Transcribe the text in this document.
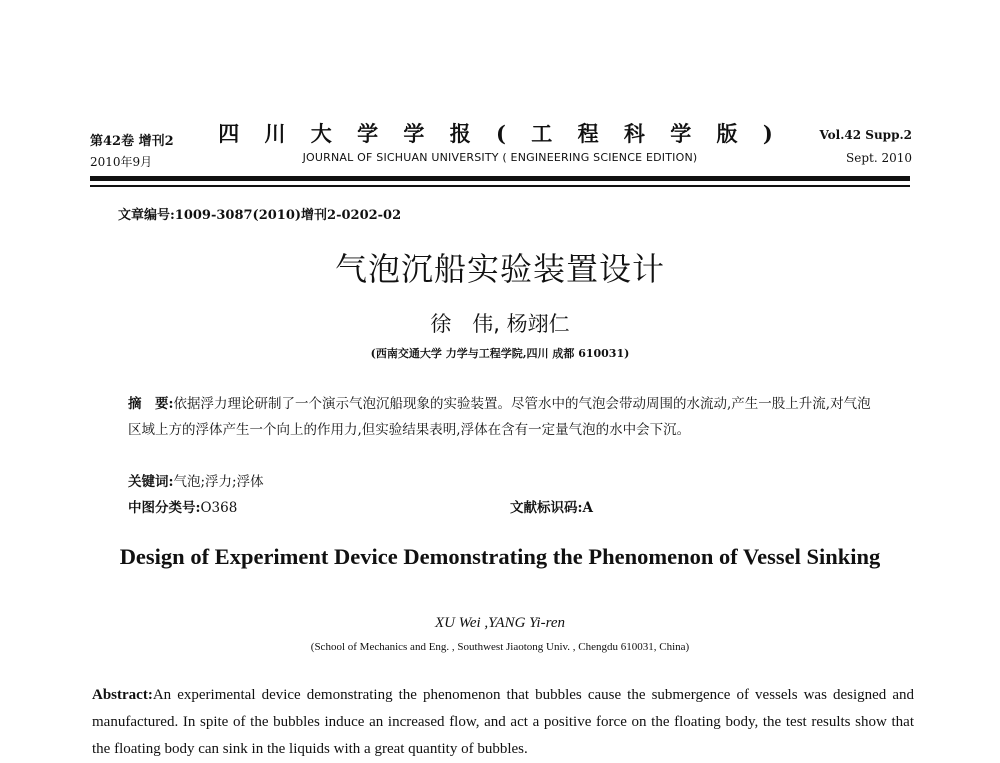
第42卷 增刊2
2010年9月
四 川 大 学 学 报 ( 工 程 科 学 版 )
JOURNAL OF SICHUAN UNIVERSITY ( ENGINEERING SCIENCE EDITION)
Vol.42 Supp.2
Sept. 2010
文章编号:1009-3087(2010)增刊2-0202-02
气泡沉船实验装置设计
徐　伟, 杨翊仁
(西南交通大学 力学与工程学院,四川 成都 610031)
摘　要:依据浮力理论研制了一个演示气泡沉船现象的实验装置。尽管水中的气泡会带动周围的水流动,产生一股上升流,对气泡区域上方的浮体产生一个向上的作用力,但实验结果表明,浮体在含有一定量气泡的水中会下沉。
关键词:气泡;浮力;浮体
中图分类号:O368	文献标识码:A
Design of Experiment Device Demonstrating the Phenomenon of Vessel Sinking
XU Wei ,YANG Yi-ren
(School of Mechanics and Eng. , Southwest Jiaotong Univ. , Chengdu 610031, China)
Abstract:An experimental device demonstrating the phenomenon that bubbles cause the submergence of vessels was designed and manufactured. In spite of the bubbles induce an increased flow, and act a positive force on the floating body, the test results show that the floating body can sink in the liquids with a great quantity of bubbles.
